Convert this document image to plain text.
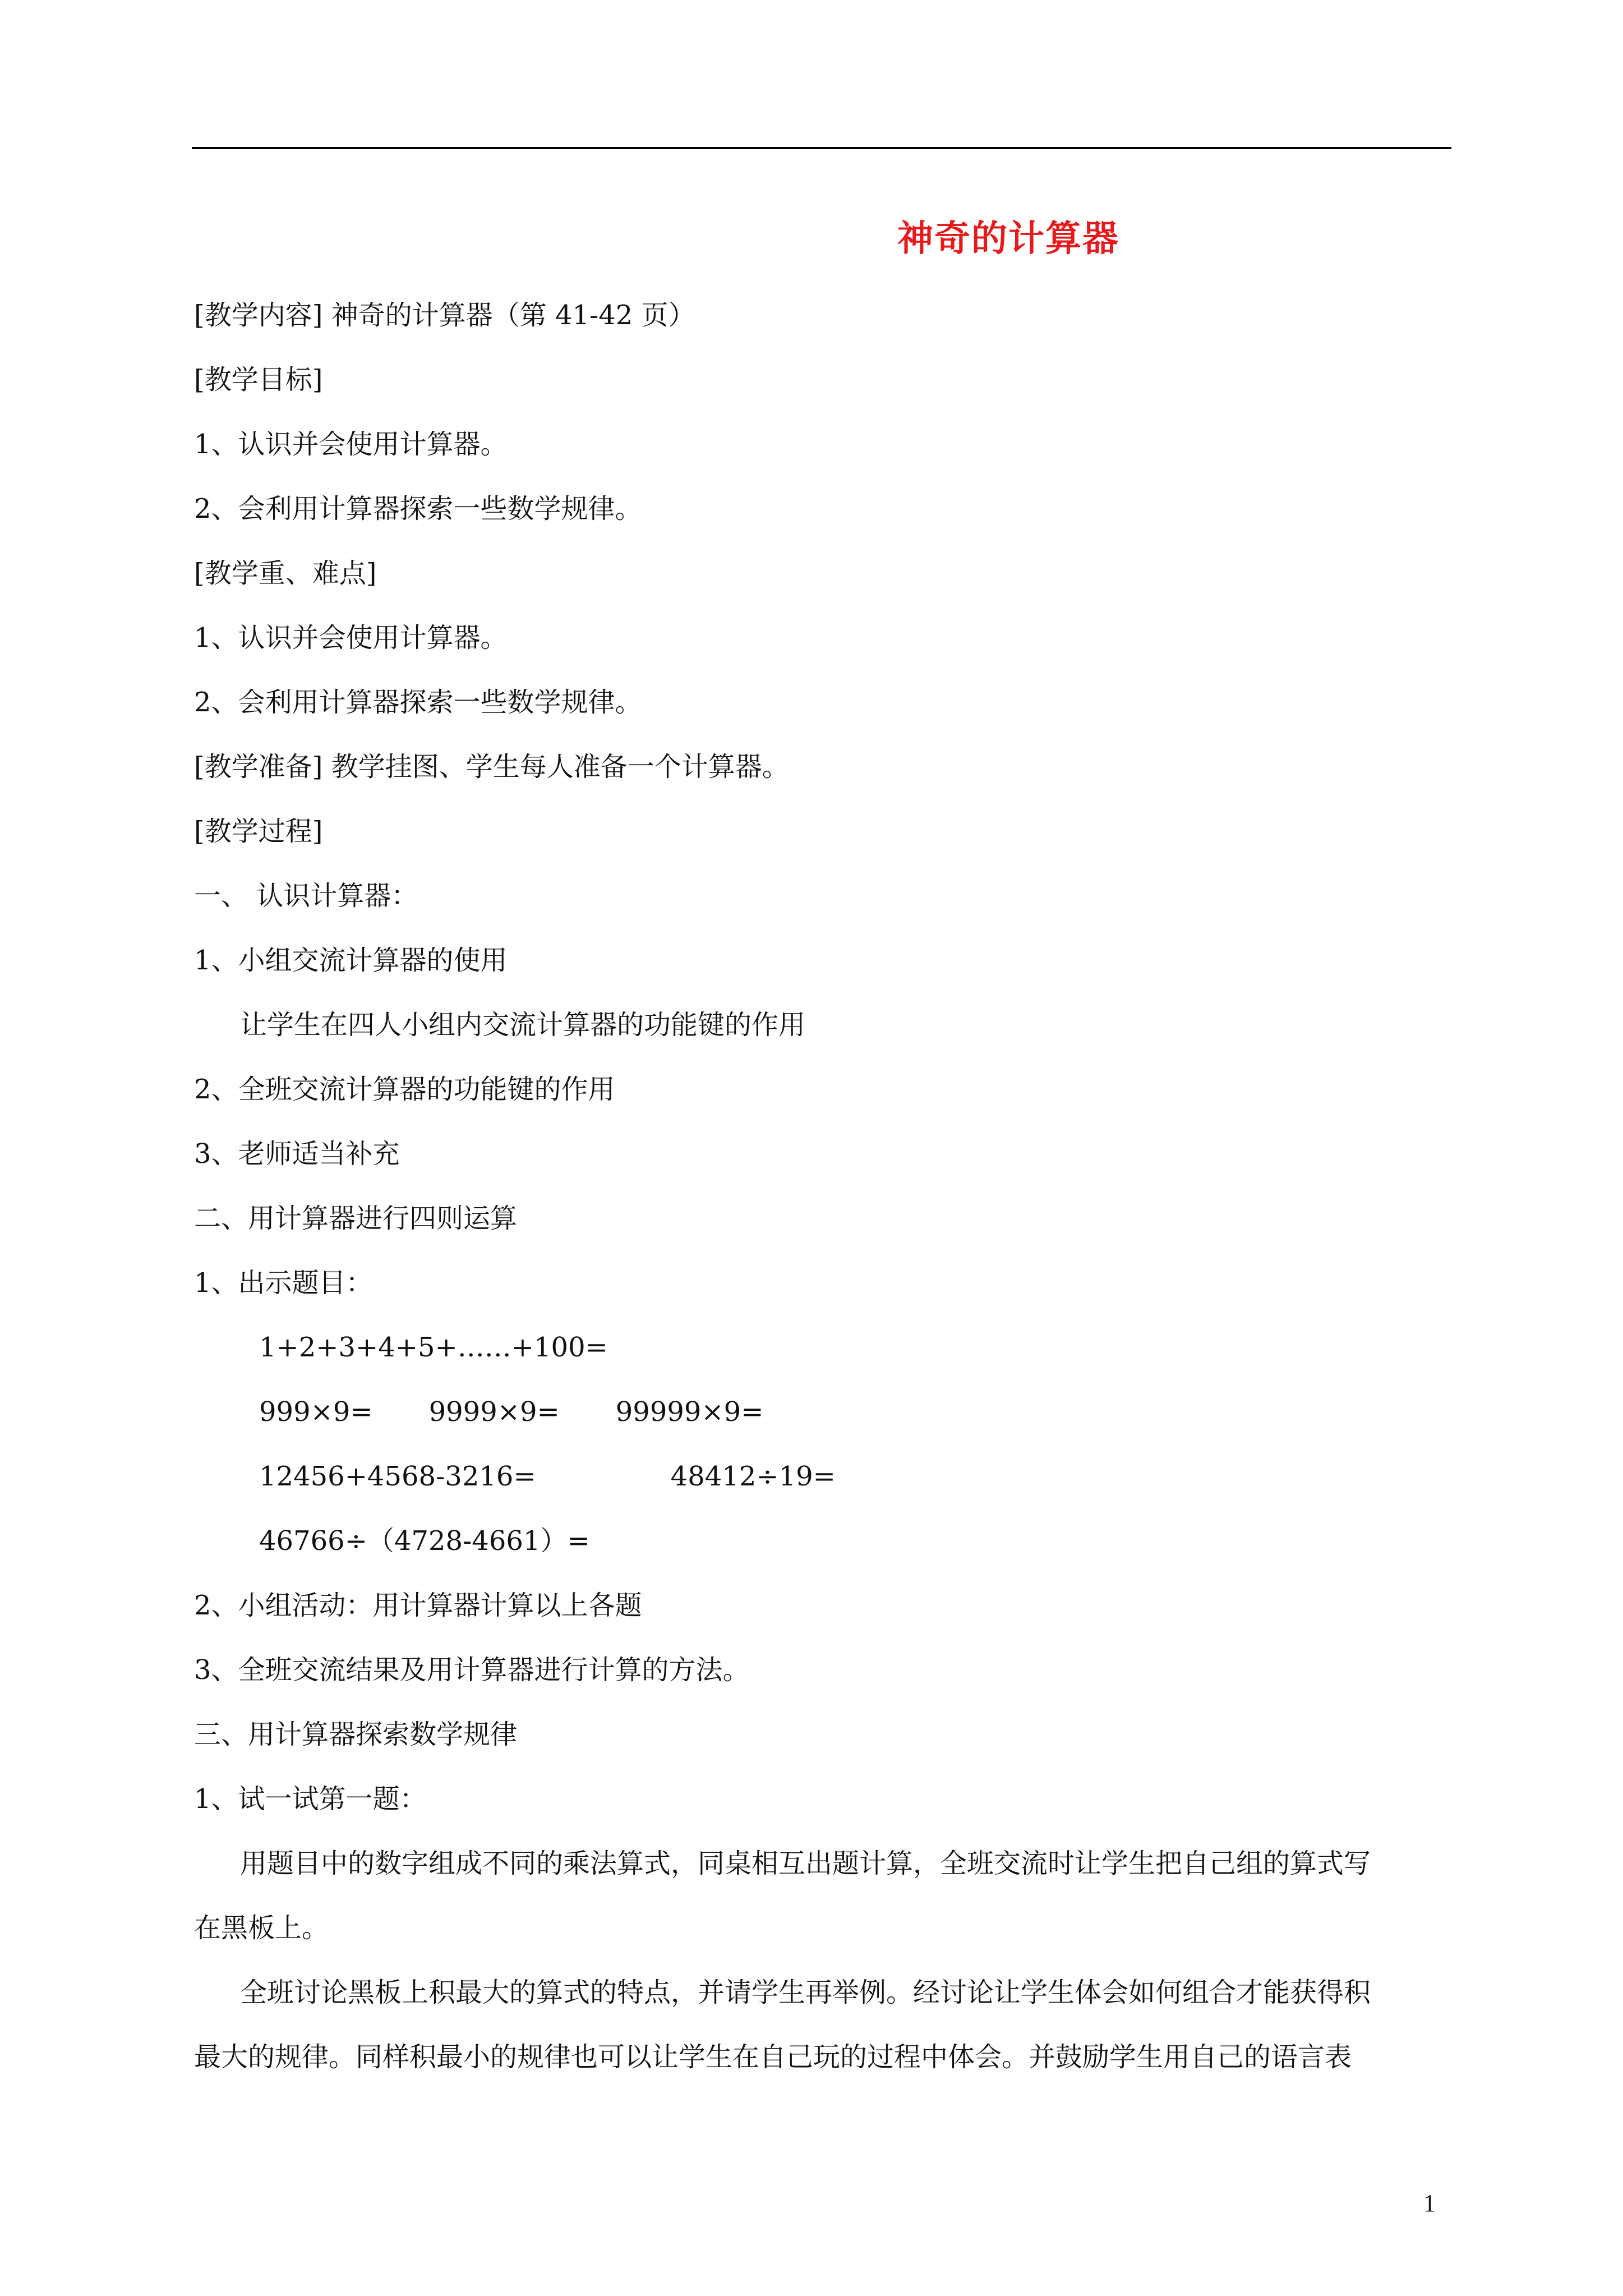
神奇的计算器
[教学内容] 神奇的计算器（第 41-42 页）
[教学目标]
1、认识并会使用计算器。
2、会利用计算器探索一些数学规律。
[教学重、难点]
1、认识并会使用计算器。
2、会利用计算器探索一些数学规律。
[教学准备] 教学挂图、学生每人准备一个计算器。
[教学过程]
一、 认识计算器：
1、小组交流计算器的使用
让学生在四人小组内交流计算器的功能键的作用
2、全班交流计算器的功能键的作用
3、老师适当补充
二、用计算器进行四则运算
1、出示题目：
1+2+3+4+5+……+100=
999×9= 9999×9= 99999×9=
12456+4568-3216=	48412÷19=
46766÷（4728-4661）=
2、小组活动：用计算器计算以上各题
3、全班交流结果及用计算器进行计算的方法。
三、用计算器探索数学规律
1、试一试第一题：
用题目中的数字组成不同的乘法算式，同桌相互出题计算，全班交流时让学生把自己组的算式写
在黑板上。
全班讨论黑板上积最大的算式的特点，并请学生再举例。经讨论让学生体会如何组合才能获得积
最大的规律。同样积最小的规律也可以让学生在自己玩的过程中体会。并鼓励学生用自己的语言表
1
